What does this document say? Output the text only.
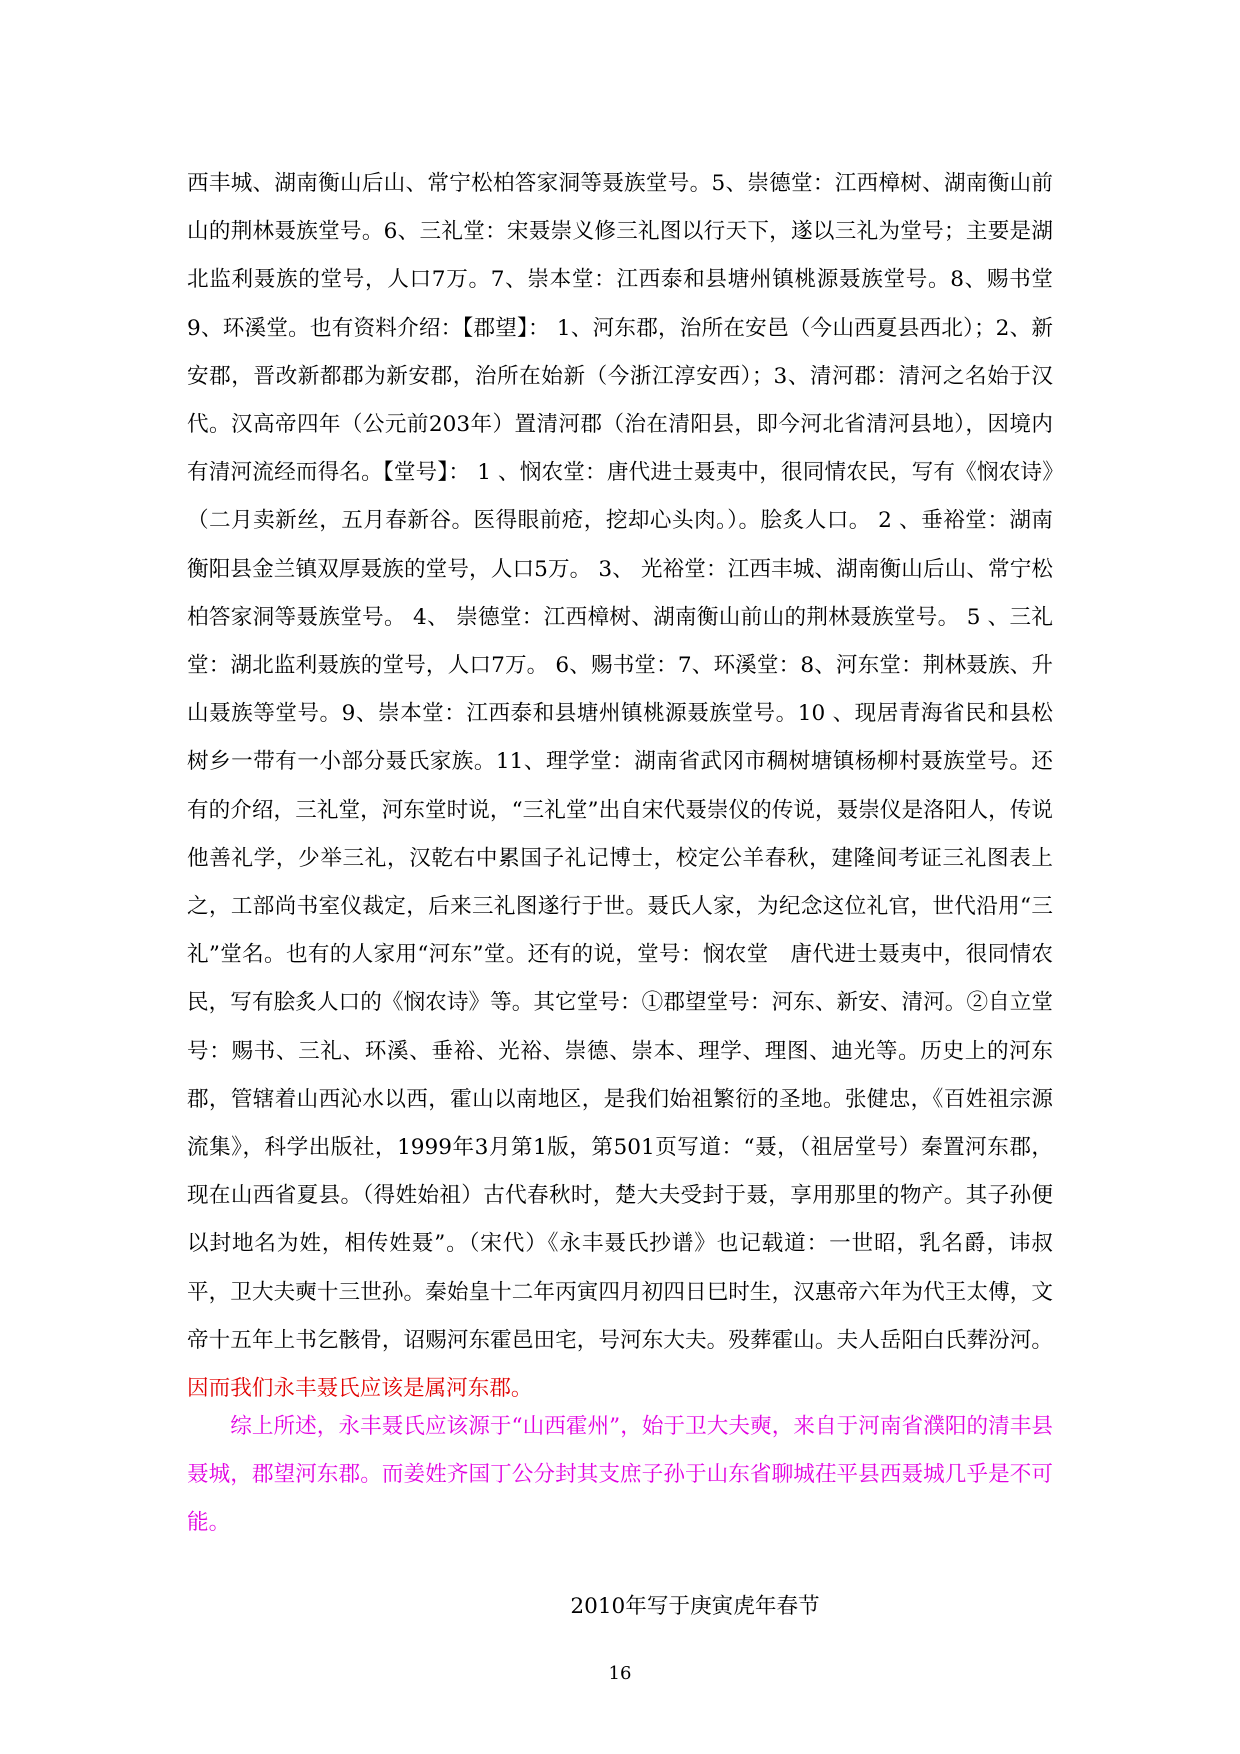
西丰城、湖南衡山后山、常宁松柏答家洞等聂族堂号。5、崇德堂：江西樟树、湖南衡山前山的荆林聂族堂号。6、三礼堂：宋聂崇义修三礼图以行天下，遂以三礼为堂号；主要是湖北监利聂族的堂号，人口7万。7、崇本堂：江西泰和县塘州镇桃源聂族堂号。8、赐书堂 9、环溪堂。也有资料介绍：【郡望】： 1、河东郡，治所在安邑（今山西夏县西北）；2、新安郡，晋改新都郡为新安郡，治所在始新（今浙江淳安西）；3、清河郡：清河之名始于汉代。汉高帝四年（公元前203年）置清河郡（治在清阳县，即今河北省清河县地），因境内有清河流经而得名。【堂号】： 1 、悯农堂：唐代进士聂夷中，很同情农民，写有《悯农诗》（二月卖新丝，五月春新谷。医得眼前疮，挖却心头肉。）。脍炙人口。 2 、垂裕堂：湖南衡阳县金兰镇双厚聂族的堂号，人口5万。 3、 光裕堂：江西丰城、湖南衡山后山、常宁松柏答家洞等聂族堂号。 4、 崇德堂：江西樟树、湖南衡山前山的荆林聂族堂号。 5 、三礼堂：湖北监利聂族的堂号，人口7万。 6、赐书堂：7、环溪堂：8、河东堂：荆林聂族、升山聂族等堂号。9、崇本堂：江西泰和县塘州镇桃源聂族堂号。10 、现居青海省民和县松树乡一带有一小部分聂氏家族。11、理学堂：湖南省武冈市稠树塘镇杨柳村聂族堂号。还有的介绍，三礼堂，河东堂时说，“三礼堂”出自宋代聂崇仪的传说，聂崇仪是洛阳人，传说他善礼学，少举三礼，汉乾右中累国子礼记博士，校定公羊春秋，建隆间考证三礼图表上之，工部尚书室仪裁定，后来三礼图遂行于世。聂氏人家，为纪念这位礼官，世代沿用“三礼”堂名。也有的人家用“河东”堂。还有的说，堂号：悯农堂　唐代进士聂夷中，很同情农民，写有脍炙人口的《悯农诗》等。其它堂号：①郡望堂号：河东、新安、清河。②自立堂号：赐书、三礼、环溪、垂裕、光裕、崇德、崇本、理学、理图、迪光等。历史上的河东郡，管辖着山西沁水以西，霍山以南地区，是我们始祖繁衍的圣地。张健忠，《百姓祖宗源流集》，科学出版社，1999年3月第1版，第501页写道：“聂，（祖居堂号）秦置河东郡，现在山西省夏县。（得姓始祖）古代春秋时，楚大夫受封于聂，享用那里的物产。其子孙便以封地名为姓，相传姓聂”。（宋代）《永丰聂氏抄谱》也记载道：一世昭，乳名爵，讳叔平，卫大夫奭十三世孙。秦始皇十二年丙寅四月初四日巳时生，汉惠帝六年为代王太傅，文帝十五年上书乞骸骨，诏赐河东霍邑田宅，号河东大夫。殁葬霍山。夫人岳阳白氏葬汾河。因而我们永丰聂氏应该是属河东郡。

综上所述，永丰聂氏应该源于“山西霍州”，始于卫大夫奭，来自于河南省濮阳的清丰县聂城，郡望河东郡。而姜姓齐国丁公分封其支庶子孙于山东省聊城茌平县西聂城几乎是不可能。

2010年写于庚寅虎年春节

16
